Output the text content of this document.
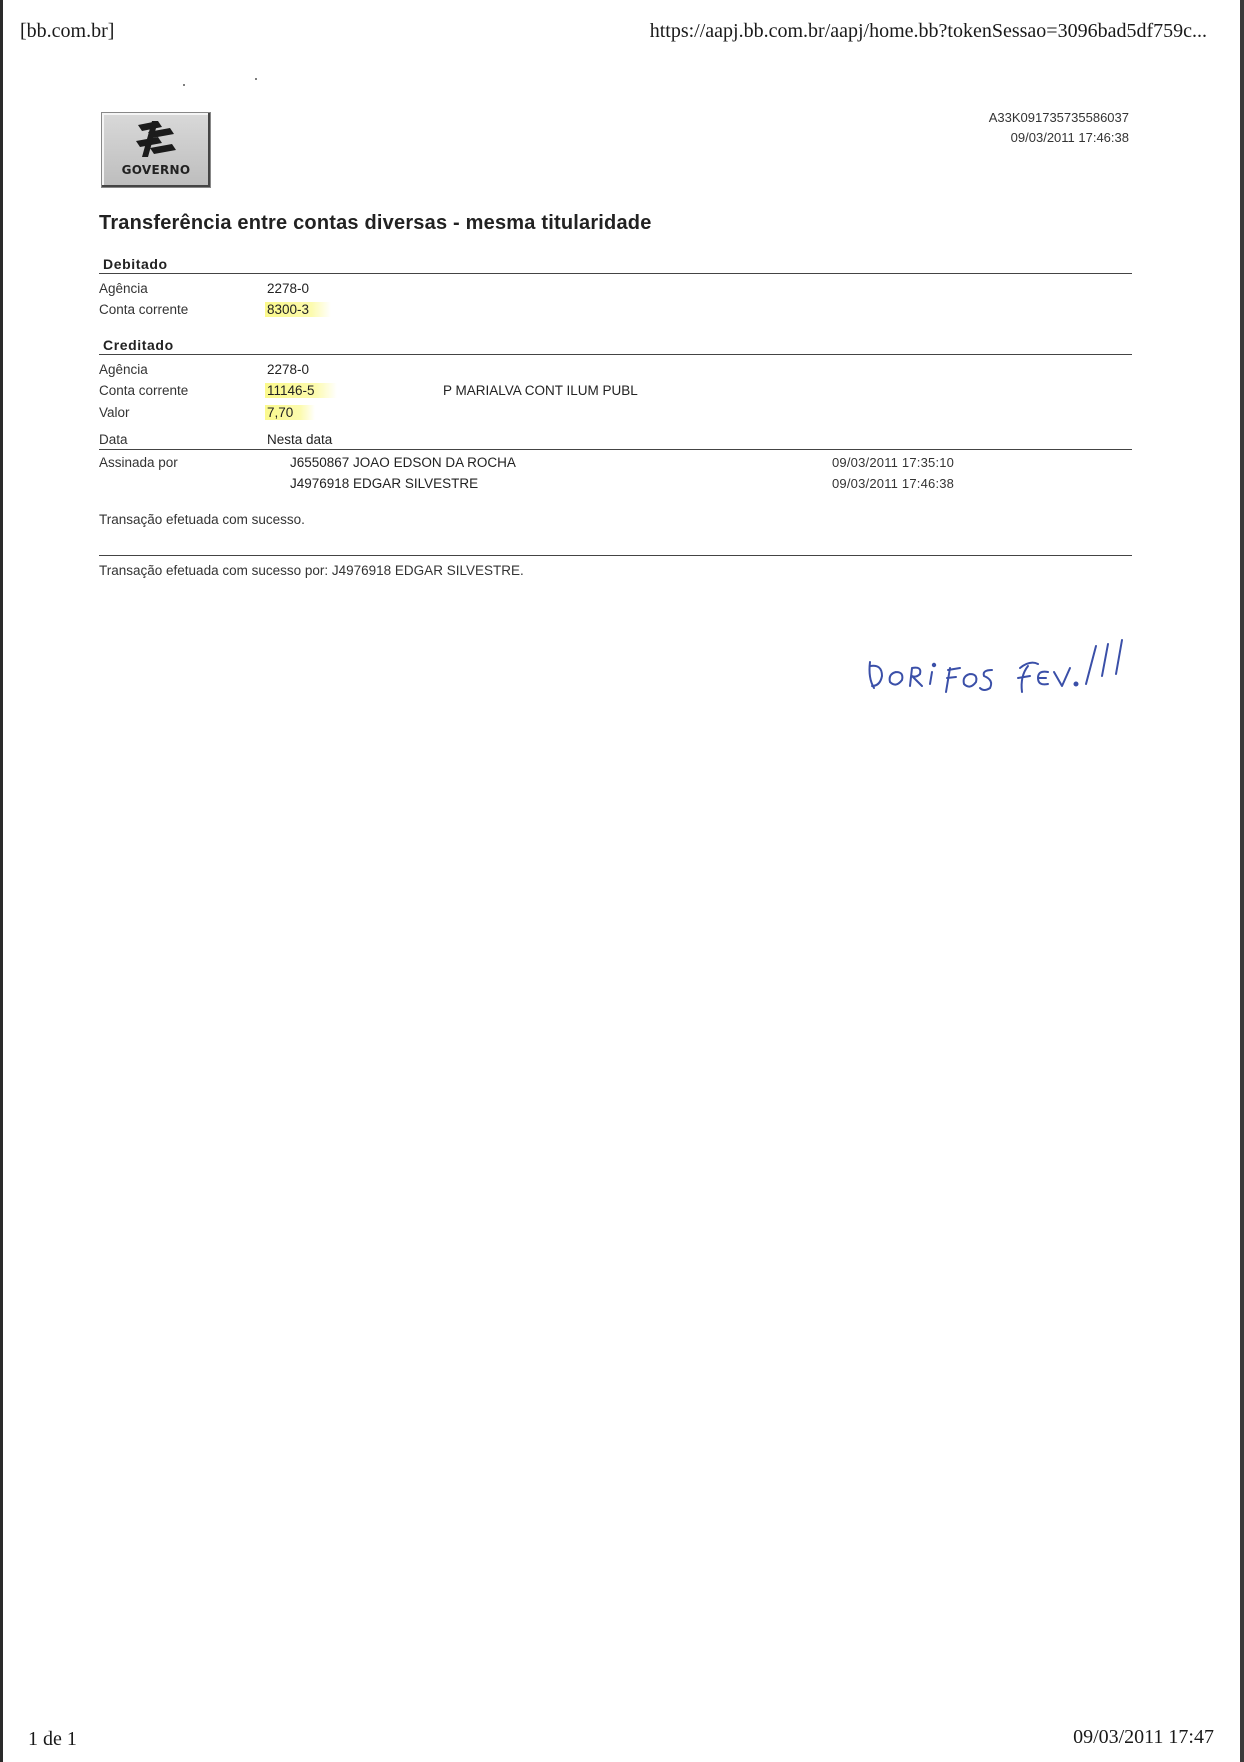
[bb.com.br]	https://aapj.bb.com.br/aapj/home.bb?tokenSessao=3096bad5df759c...
GOVERNO
A33K091735735586037
09/03/2011 17:46:38
Transferência entre contas diversas - mesma titularidade
Debitado
Agência	2278-0
Conta corrente	8300-3
Creditado
Agência	2278-0
Conta corrente	11146-5	P MARIALVA CONT ILUM PUBL
Valor	7,70
Data	Nesta data
Assinada por	J6550867 JOAO EDSON DA ROCHA	09/03/2011 17:35:10
J4976918 EDGAR SILVESTRE	09/03/2011 17:46:38
Transação efetuada com sucesso.
Transação efetuada com sucesso por: J4976918 EDGAR SILVESTRE.
1 de 1	09/03/2011 17:47
